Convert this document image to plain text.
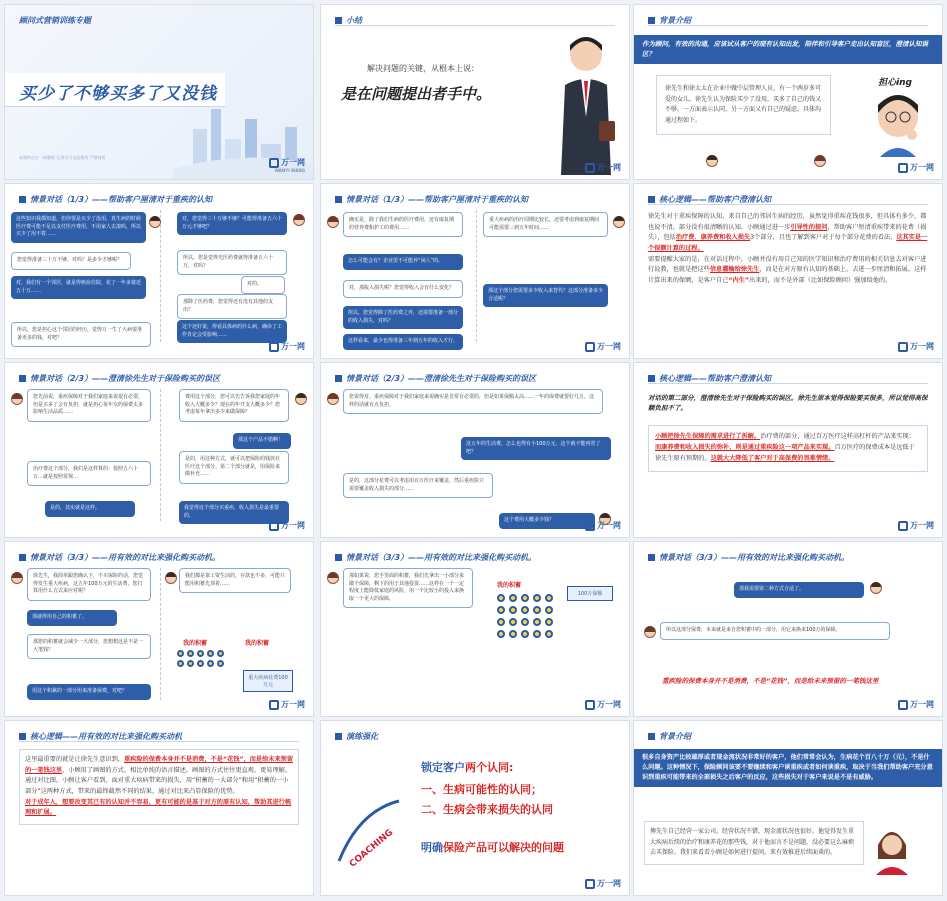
顾问式营销训练专题
买少了不够买多了又没钱
本课件由万一网整理 仅供学习交流使用 严禁商用
万一网
WANYI WANG
小结
解决问题的关键，从根本上说：
是在问题提出者手中。
万一网
背景介绍
作为顾问，有效的沟通，应该试从客户的现有认知出发，陪伴和引导客户走出认知盲区，澄清认知误区？
徐先生和徐太太在企业中做中层管理人员，有一个两岁多可爱的女儿，徐先生认为保险买少了没用，买多了自己的钱又不够。一方面表示认同，另一方面又有自己的疑虑。具体沟通过程如下。
担心ing
万一网
情景对话（1/3）——帮助客户厘清对于重疾的认知
这些知识我都知道，但你要是买少了没用，真生病的时候医疗费可能不足以支付医疗费用，不用家人去凑吗，所以买少了用不着……
对，您觉得三十万够不够？可能得准备五六十万元才够吧？
您觉得准备三十万不够，对吗？是多少才够呢？	所以，您是觉得光医药费就得准备五六十万，对吗？
对，我们有一个邻居，就是得癌症住院，花了一年多接近五十万……
对的。
那除了医药费，您觉得还有没有其他的支出？
所以，您是担心这个邻居的经历，觉得万一生了大病要准备更多的钱，对吧？
这个还好说，得看具体病的什么病，确诊了工作肯定会受影响……
万一网
情景对话（1/3）——帮助客户厘清对于重疾的认知
确实是，除了我们生病的医疗费用，还有康复期的营养费和护工的费用……
怎么可能会有？企业里不可能养“闲人”的。
对，那收入损失呢？您觉得收入会有什么变化？
所以，您觉得除了医药费之外，还需要准备一部分的收入损失，对吗？
重大疾病的治疗周期比较长，还要考虑到康复期间可能需要三到五年时间……
那这个部分您需要多少收入来替代？这部分准备多少合适呢？
这样看来，最少也得准备三年到五年的收入才行。
万一网
核心逻辑——帮助客户澄清认知
徐先生对于重疾保障的认知，来自自己的邻居生病的经历，虽然觉得重疾花钱很多，但具体有多少，都也说不清，部分没有很清晰的认知。小顾通过进一步引导性的提问，帮助客户厘清重疾带来的花费（损失），包括治疗费、康养费和收入损失3个部分，且也了解到客户对于每个部分花费的看法，这其实是一个保额计算的过程。
需要提醒大家的是，在对话过程中，小顾并没有用自己知的医学知识和治疗费用的相关信息去对客户进行说教，也就是把这些信息灌输给徐先生，而是在对方原有认知的基础上，去进一步厘清和拓展。这样计算出来的保额，是客户自己“内生”出来的，而不是外部（比如保险顾问）强加给他的。
万一网
情景对话（2/3）——澄清徐先生对于保险购买的误区
您先前说，重疾保障对于我们家庭来说很有必要，但是买多了会有负担，就是担心每年交的保费太多影响生活品质……
费用这个部分，您可以先告诉我您家庭的年收入大概多少？现在的年开支大概多少？您考虑每年拿出多少来做保障？
那这个产品不错啊！
治疗费这个部分，我们是这样算的：按照五六十万…就是按照常规…
是的，用这种方式，就可以把保险的钱放在医疗这个部分。第二个部分就是，用保险来做补充……
是的，其实就是这样。	我觉得这个部分买重疾、收入损失是最重要的。
万一网
情景对话（2/3）——澄清徐先生对于保险购买的误区
您说得对，重疾保障对于我们家庭来说确实是非常有必要的，但是如果保额太高……一年的保费就要好几万，这样的话就有点负担。
这五年的生活费，怎么也得有小100万元，这个就不能再省了吧？
是的，这部分花费可以考虑用百万医疗来覆盖，然后重疾险只需要覆盖收入损失的部分……
这个费用大概多少钱？
万一网
核心逻辑——帮助客户澄清认知
对话的第二部分，澄清徐先生对于保险购买的误区。徐先生原本觉得保险要买很多，所以觉得高保额负担不了。
小顾把徐先生保障的需求进行了拆解。治疗费的部分，通过百万医疗这样高杠杆的产品来实现；而康养费和收入损失的弥补，则是通过重疾险这一项产品来实现。百万医疗的保费成本是远低于徐先生原有预期的。这就大大降低了客户对于高保费的畏难情绪。
万一网
情景对话（3/3）——用有效的对比来强化购买动机。
徐先生，我简单跟您确认下，不买保险的话，您觉得发生重大疾病，这五年100万元的生活费，您打算用什么方式来应对呢？
我们都是靠工资生活的，存款也不多，可能只能用积蓄先顶着……
那就得用自己的积蓄了。
那您的积蓄就会减少一大部分，您想想这是不是一大笔钱？
用这个积累的一部分用来准备保费，对吧？
我的积蓄	我的积蓄
重大疾病花费100万元
万一网
情景对话（3/3）——用有效的对比来强化购买动机。
那如果说，您手里面的积蓄，我们先拿出一小部分来做个保障，剩下的用于其他投资……这样在一个一定程度上能降低家庭的风险，用一个比较小的投入来换取一个更大的保障。
我的积蓄
100万保额
万一网
情景对话（3/3）——用有效的对比来强化购买动机。
那我需要第二种方式合适了。
所以这部分保费，本来就是来自您积蓄中的一部分，用它来换来100万的保障。
重疾险的保费本身并不是消费，不是“花钱”，而是给未来预留的一笔钱这里
万一网
核心逻辑——用有效的对比来强化购买动机
这里最重要的就是让徐先生意识到，重疾险的保费本身并不是消费，不是“花钱”，而是给未来预留的一笔钱这里，小顾用了画图的方式，相比单纯的语言描述，画图的方式往往更直观、更易理解。通过对比图，小顾让客户看到，面对重大疾病带来的损失，用“积蓄的一大部分”和用“积蓄的一小部分”这两种方式，带来的最终截然不同的结果，通过对比来凸显保险的优势。
对于成年人，想要改变其已有的认知并不容易，更有可能的是基于对方的原有认知，帮助其进行梳理和扩展。
演练强化
锁定客户两个认同:
一、生病可能性的认同；
二、生病会带来损失的认同
明确保险产品可以解决的问题
COACHING
万一网
背景介绍
很多自身资产比较雄厚或者现金流状况非常好的客户，他们常常会认为，生病花个百八十万（元），不是什么问题。这种情况下，保险顾问该要不要继续和客户谈重疾或者如何谈重疾，取决于当我们帮助客户充分意识到重疾可能带来的全部损失之后客户的反应，这些损失对于客户来说是不是有威胁。
傅先生自己经营一家公司，经营状况不错，现金流状况也很好。他觉得发生重大疾病后续的治疗和康养花的那些钱，对于他而言不是问题，没必要这么麻烦去买保险。我们来看看小顾是如何进行提问，来有效推进后续面谈的。
